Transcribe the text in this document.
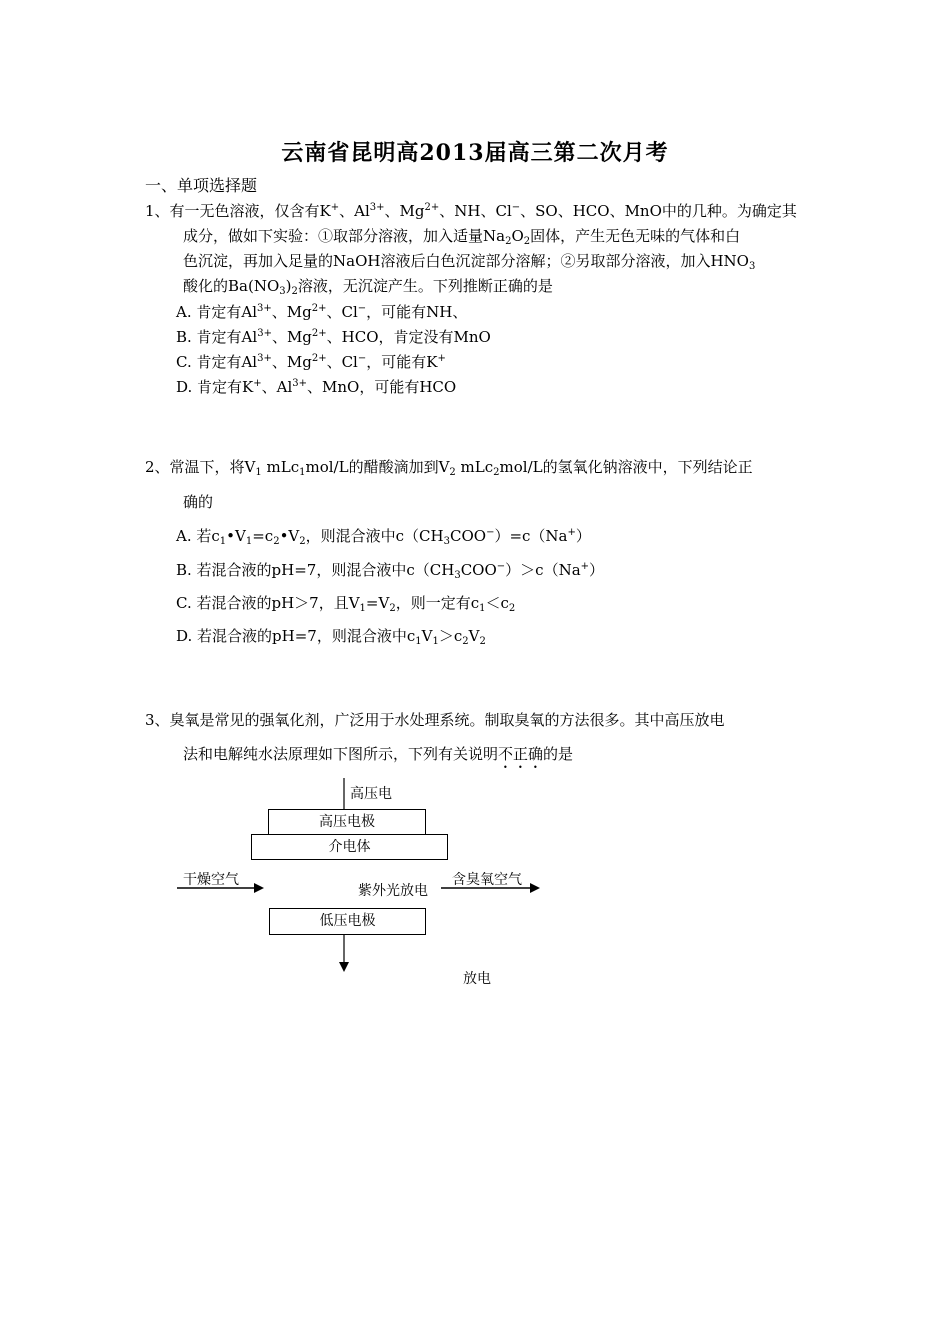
云南省昆明高2013届高三第二次月考
一、单项选择题
1、有一无色溶液，仅含有K+、$Al^{3+}$、$Mg^{2+}$、NH、Cl−、SO、HCO、MnO中的几种。为确定其
成分，做如下实验：①取部分溶液，加入适量$Na_2O_2$固体，产生无色无味的气体和白
色沉淀，再加入足量的NaOH溶液后白色沉淀部分溶解；②另取部分溶液，加入$HNO_3$
酸化的$Ba(NO_3)_2$溶液，无沉淀产生。下列推断正确的是
A. 肯定有$Al^{3+}$、$Mg^{2+}$、Cl−，可能有NH、
B. 肯定有$Al^{3+}$、$Mg^{2+}$、HCO，肯定没有MnO
C. 肯定有$Al^{3+}$、$Mg^{2+}$、Cl−，可能有K+
D. 肯定有K+、$Al^{3+}$、MnO，可能有HCO
2、常温下，将$V_1$ mLc$_1$mol/L的醋酸滴加到$V_2$ mLc$_2$mol/L的氢氧化钠溶液中，下列结论正
确的
A. 若$c_1•V_1=c_2•V_2$，则混合液中$c(CH_3COO^-)=c(Na^+)$
B. 若混合液的pH=7，则混合液中$c(CH_3COO^-)>c(Na^+)$
C. 若混合液的pH＞7，且$V_1=V_2$，则一定有$c_1<c_2$
D. 若混合液的pH=7，则混合液中$c_1V_1>c_2V_2$
3、臭氧是常见的强氧化剂，广泛用于水处理系统。制取臭氧的方法很多。其中高压放电
法和电解纯水法原理如下图所示，下列有关说明不正确的是
高压电
高压电极
介电体
干燥空气
紫外光放电
含臭氧空气
低压电极
放电
